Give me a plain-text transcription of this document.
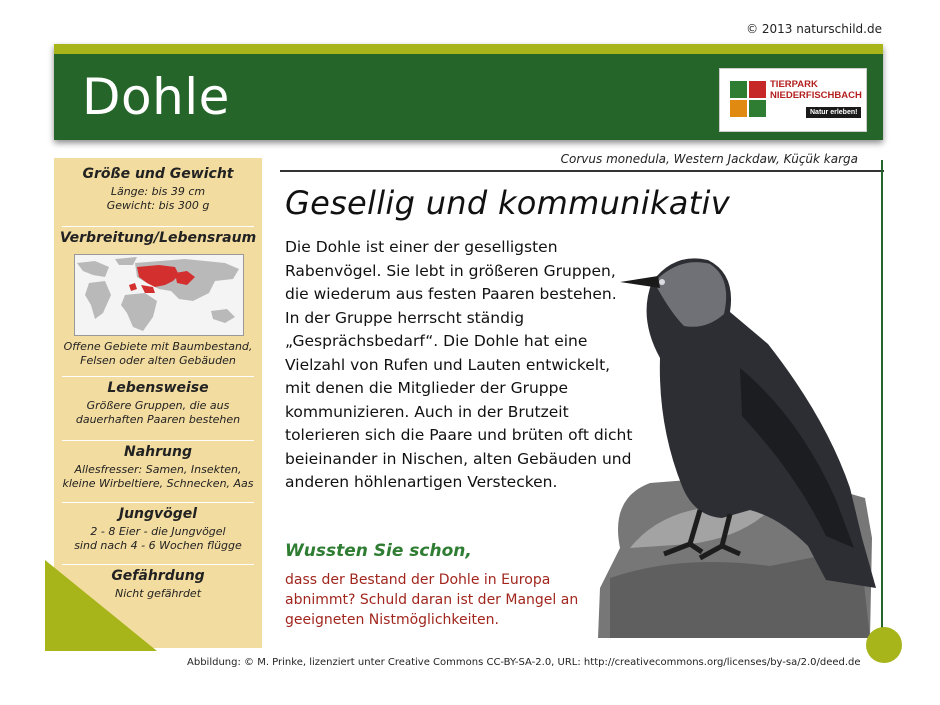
© 2013 naturschild.de
Dohle	TIERPARK
NIEDERFISCHBACH
Natur erleben!
Größe und Gewicht
Länge: bis 39 cm
Gewicht: bis 300 g
Verbreitung/Lebensraum
Offene Gebiete mit Baumbestand,
Felsen oder alten Gebäuden
Lebensweise
Größere Gruppen, die aus
dauerhaften Paaren bestehen
Nahrung
Allesfresser: Samen, Insekten,
kleine Wirbeltiere, Schnecken, Aas
Jungvögel
2 - 8 Eier - die Jungvögel
sind nach 4 - 6 Wochen flügge
Gefährdung
Nicht gefährdet
Corvus monedula, Western Jackdaw, Küçük karga
Gesellig und kommunikativ

Die Dohle ist einer der geselligsten Rabenvögel. Sie lebt in größeren Gruppen, die wiederum aus festen Paaren bestehen. In der Gruppe herrscht ständig „Gesprächsbedarf“. Die Dohle hat eine Vielzahl von Rufen und Lauten entwickelt, mit denen die Mitglieder der Gruppe kommunizieren. Auch in der Brutzeit tolerieren sich die Paare und brüten oft dicht beieinander in Nischen, alten Gebäuden und anderen höhlenartigen Verstecken.

Wussten Sie schon,

dass der Bestand der Dohle in Europa abnimmt? Schuld daran ist der Mangel an geeigneten Nistmöglichkeiten.

Abbildung: © M. Prinke, lizenziert unter Creative Commons CC-BY-SA-2.0, URL: http://creativecommons.org/licenses/by-sa/2.0/deed.de
